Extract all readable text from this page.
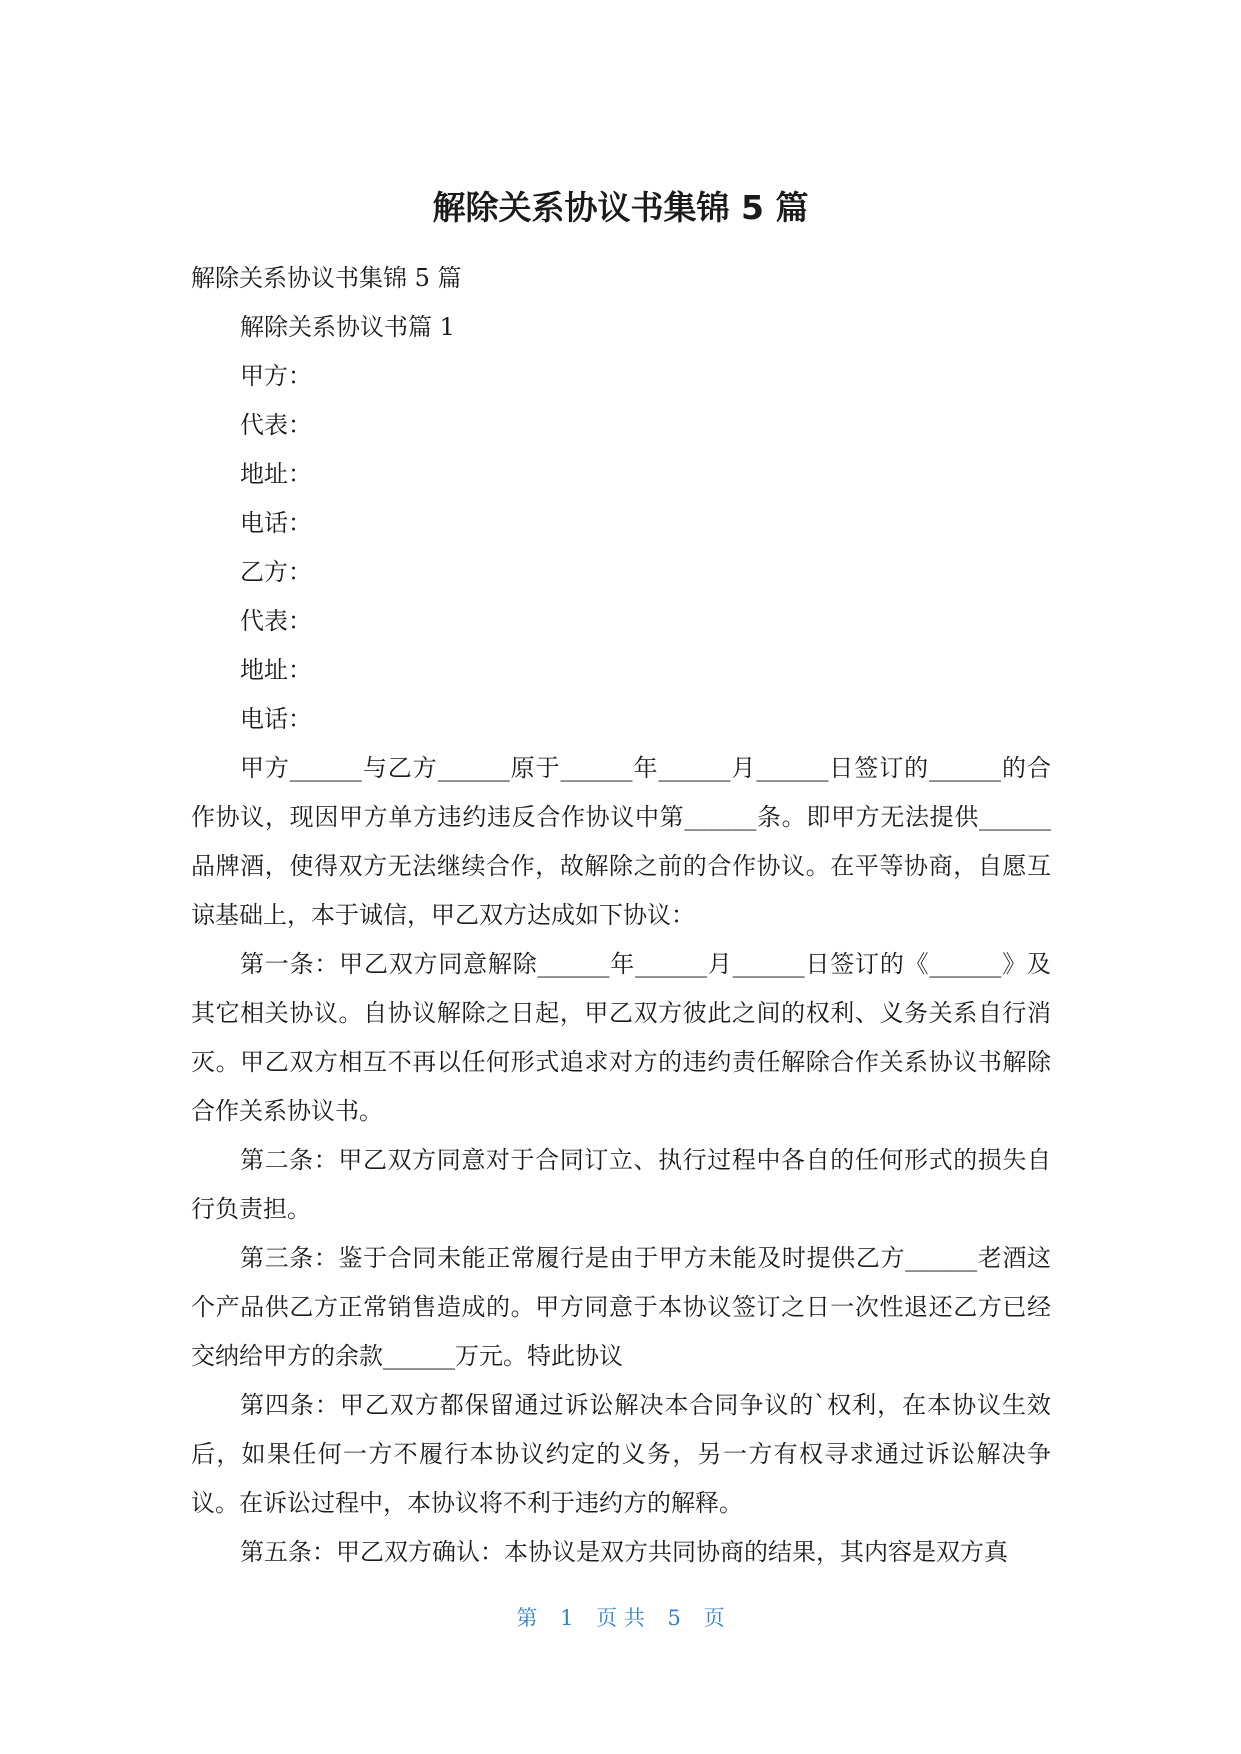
解除关系协议书集锦 5 篇

解除关系协议书集锦 5 篇

解除关系协议书篇 1

甲方：

代表：

地址：

电话：

乙方：

代表：

地址：

电话：

甲方______与乙方______原于______年______月______日签订的______的合作协议，现因甲方单方违约违反合作协议中第______条。即甲方无法提供______品牌酒，使得双方无法继续合作，故解除之前的合作协议。在平等协商，自愿互谅基础上，本于诚信，甲乙双方达成如下协议：

第一条：甲乙双方同意解除______年______月______日签订的《______》及其它相关协议。自协议解除之日起，甲乙双方彼此之间的权利、义务关系自行消灭。甲乙双方相互不再以任何形式追求对方的违约责任解除合作关系协议书解除合作关系协议书。

第二条：甲乙双方同意对于合同订立、执行过程中各自的任何形式的损失自行负责担。

第三条：鉴于合同未能正常履行是由于甲方未能及时提供乙方______老酒这个产品供乙方正常销售造成的。甲方同意于本协议签订之日一次性退还乙方已经交纳给甲方的余款______万元。特此协议

第四条：甲乙双方都保留通过诉讼解决本合同争议的`权利，在本协议生效后，如果任何一方不履行本协议约定的义务，另一方有权寻求通过诉讼解决争议。在诉讼过程中，本协议将不利于违约方的解释。

第五条：甲乙双方确认：本协议是双方共同协商的结果，其内容是双方真

第 1 页 共 5 页
